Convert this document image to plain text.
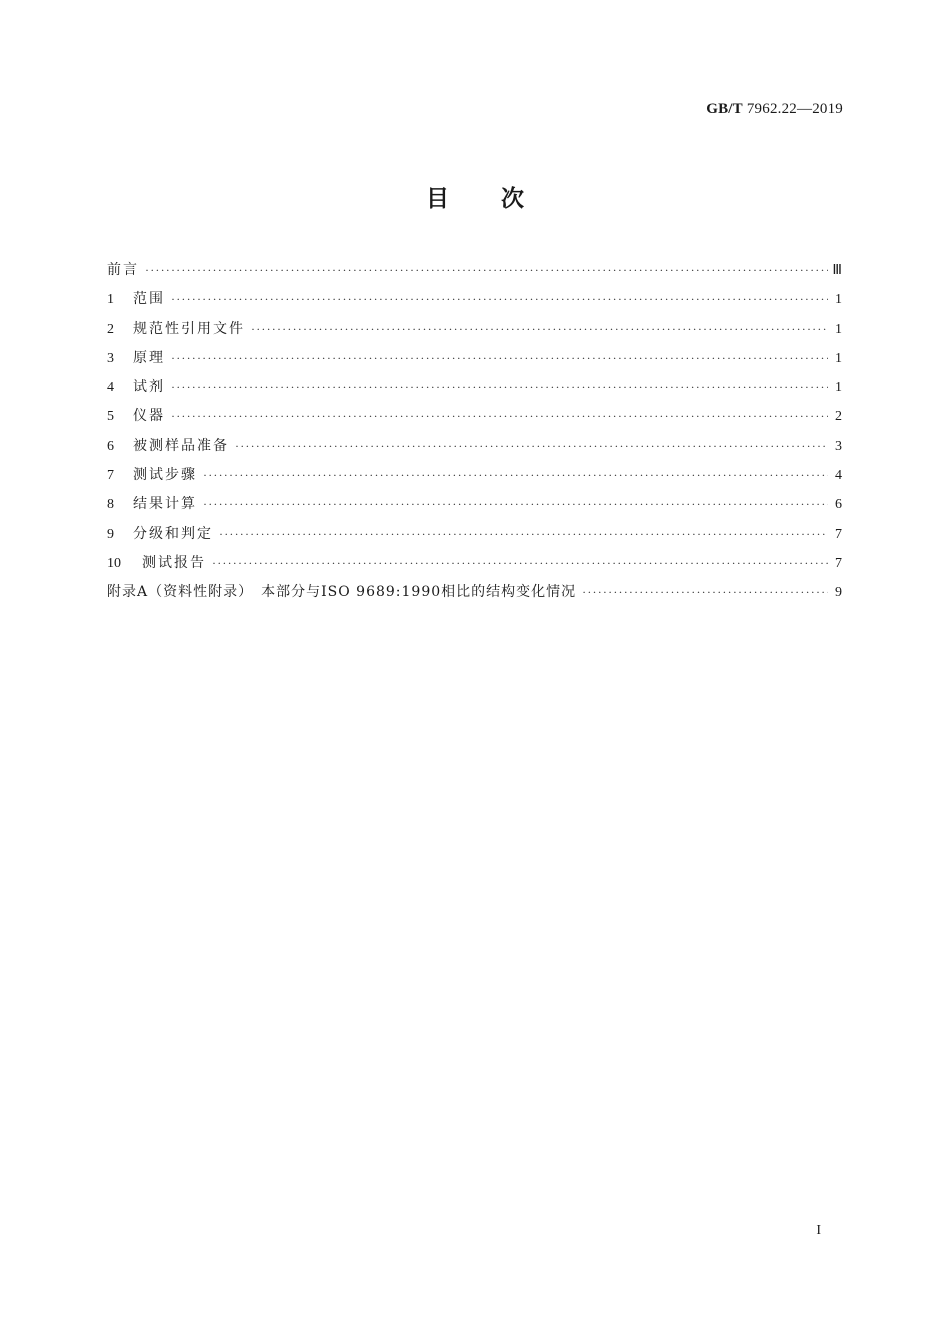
GB/T 7962.22—2019
目次
前言 ·····	Ⅲ
1	范围 ·····	1
2	规范性引用文件 ·····	1
3	原理 ·····	1
4	试剂 ·····	1
5	仪器 ·····	2
6	被测样品准备 ·····	3
7	测试步骤 ·····	4
8	结果计算 ·····	6
9	分级和判定 ·····	7
10	测试报告 ·····	7
附录A（资料性附录）　本部分与ISO 9689:1990相比的结构变化情况 ·····	9
I
